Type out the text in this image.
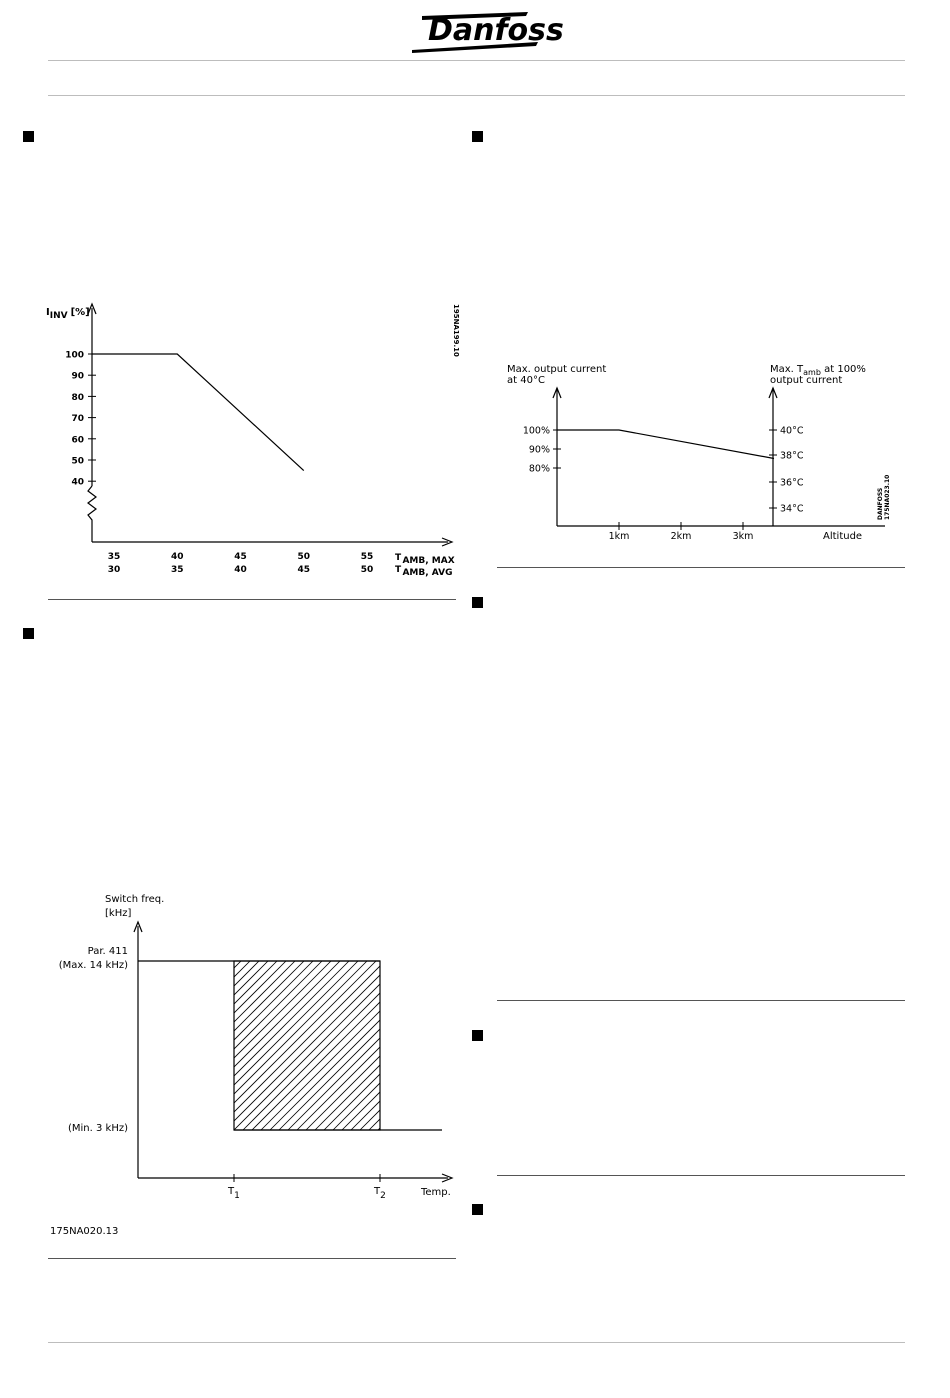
Danfoss
IINV [%]	195NA199.10
100
90
80
70
60
50
40
35
30
40
35
45
40
50
45
55
50
T AMB, MAX
T AMB, AVG
Switch freq.
[kHz]
Par. 411
(Max. 14 kHz)
(Min. 3 kHz)
T1	T2	Temp.
175NA020.13
Max. output current
at 40°C
Max. $T_{amb}$ at 100%
output current
DANFOSS 175NA023.10
100%
90%
80%
40°C
38°C
36°C
34°C
1km	2km	3km	Altitude
